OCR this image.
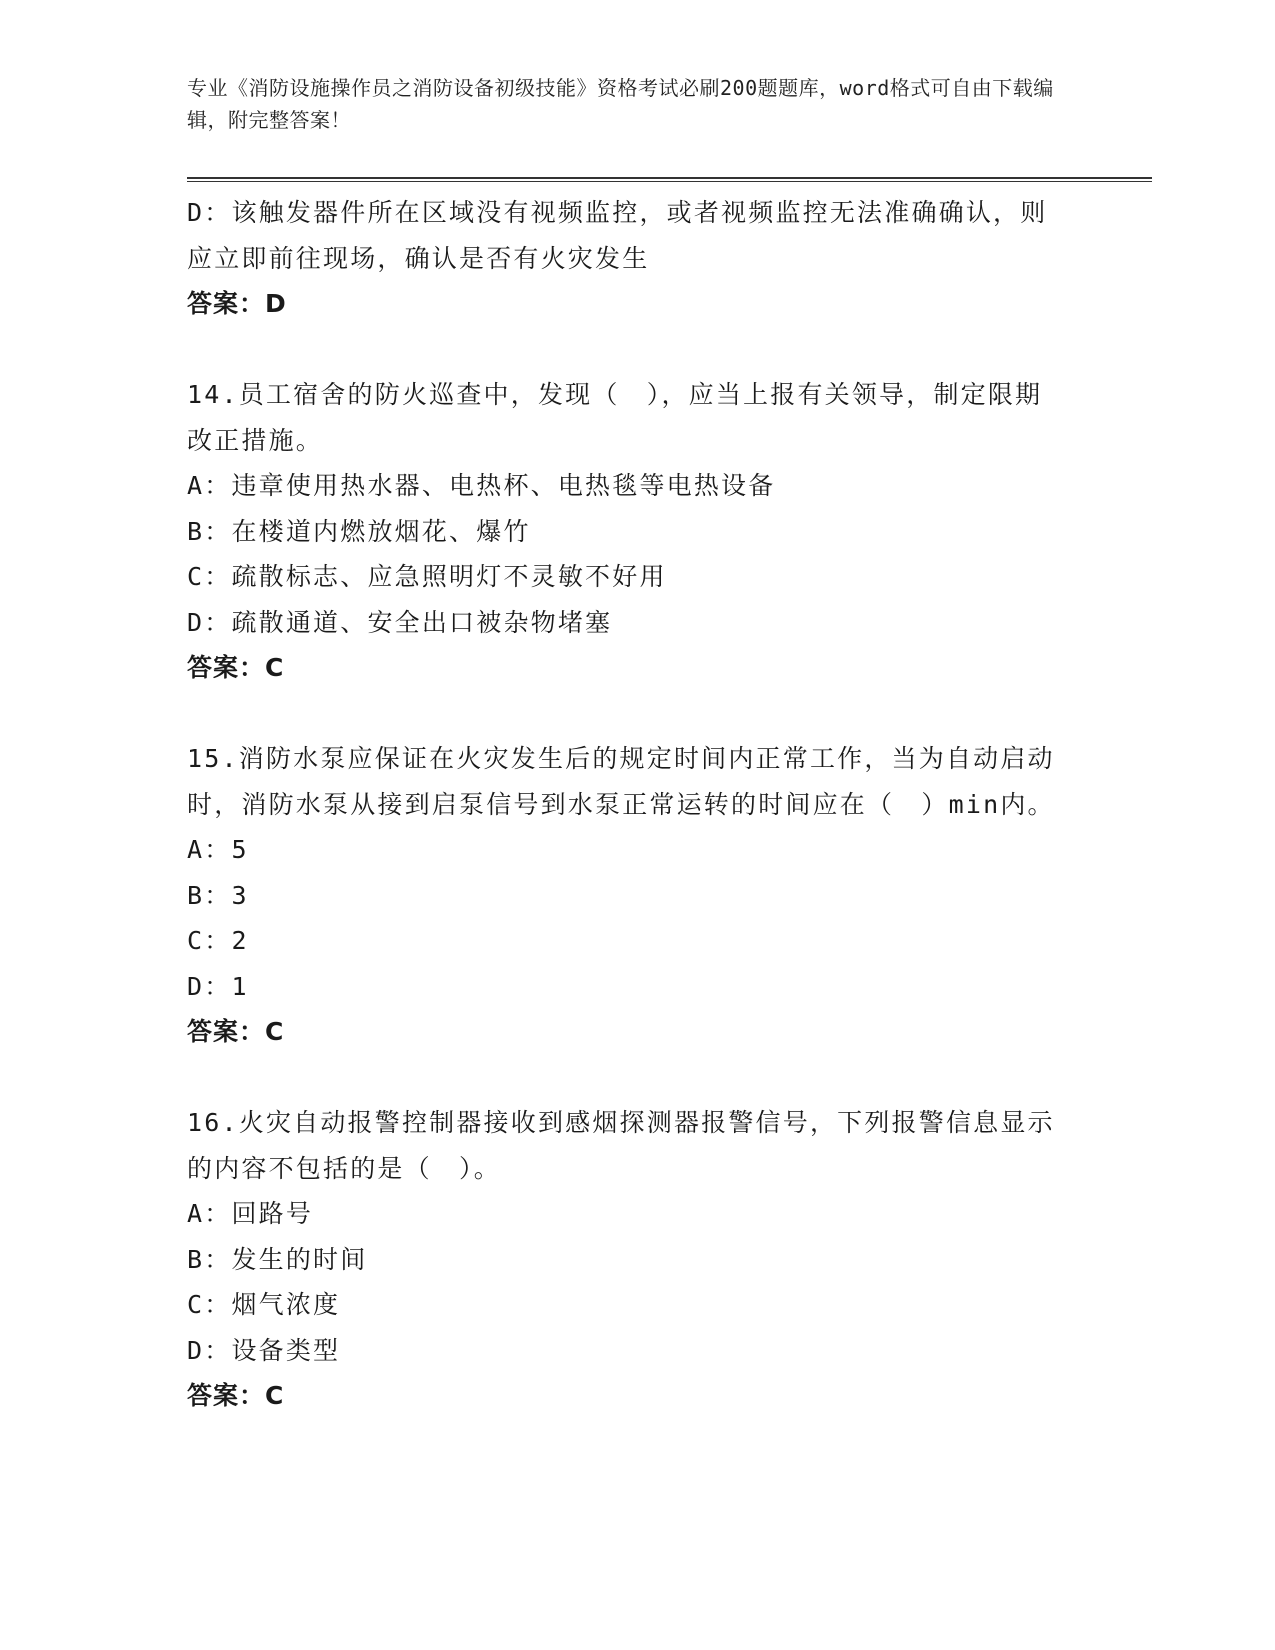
专业《消防设施操作员之消防设备初级技能》资格考试必刷200题题库，word格式可自由下载编辑，附完整答案！

D：该触发器件所在区域没有视频监控，或者视频监控无法准确确认，则应立即前往现场，确认是否有火灾发生

答案：D

14.员工宿舍的防火巡查中，发现（　），应当上报有关领导，制定限期改正措施。

A：违章使用热水器、电热杯、电热毯等电热设备

B：在楼道内燃放烟花、爆竹

C：疏散标志、应急照明灯不灵敏不好用

D：疏散通道、安全出口被杂物堵塞

答案：C

15.消防水泵应保证在火灾发生后的规定时间内正常工作，当为自动启动时，消防水泵从接到启泵信号到水泵正常运转的时间应在（　）min内。

A：5

B：3

C：2

D：1

答案：C

16.火灾自动报警控制器接收到感烟探测器报警信号，下列报警信息显示的内容不包括的是（　）。

A：回路号

B：发生的时间

C：烟气浓度

D：设备类型

答案：C
